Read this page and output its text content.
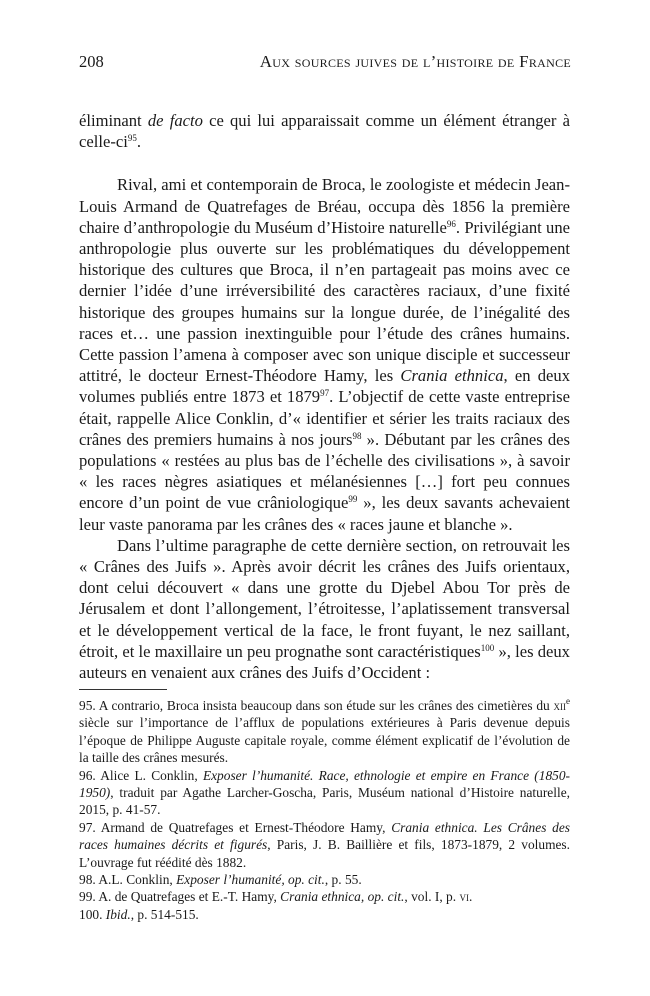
208	Aux sources juives de l’histoire de France

éliminant de facto ce qui lui apparaissait comme un élément étranger à celle-$ci^{95}$.

Rival, ami et contemporain de Broca, le zoologiste et médecin Jean-Louis Armand de Quatrefages de Bréau, occupa dès 1856 la première chaire d’anthropologie du Muséum d’Histoire naturelle$^{96}$. Privilégiant une anthropologie plus ouverte sur les problématiques du développement historique des cultures que Broca, il n’en partageait pas moins avec ce dernier l’idée d’une irréversibilité des caractères raciaux, d’une fixité historique des groupes humains sur la longue durée, de l’inégalité des races et… une passion inextinguible pour l’étude des crânes humains. Cette passion l’amena à composer avec son unique disciple et successeur attitré, le docteur Ernest-Théodore Hamy, les Crania ethnica, en deux volumes publiés entre 1873 et 1879$^{97}$. L’objectif de cette vaste entreprise était, rappelle Alice Conklin, d’« identifier et sérier les traits raciaux des crânes des premiers humains à nos jours$^{98}$ ». Débutant par les crânes des populations « restées au plus bas de l’échelle des civilisations », à savoir « les races nègres asiatiques et mélanésiennes […] fort peu connues encore d’un point de vue crâniologique$^{99}$ », les deux savants achevaient leur vaste panorama par les crânes des « races jaune et blanche ».

Dans l’ultime paragraphe de cette dernière section, on retrouvait les « Crânes des Juifs ». Après avoir décrit les crânes des Juifs orientaux, dont celui découvert « dans une grotte du Djebel Abou Tor près de Jérusalem et dont l’allongement, l’étroitesse, l’aplatissement transversal et le développement vertical de la face, le front fuyant, le nez saillant, étroit, et le maxillaire un peu prognathe sont caractéristiques$^{100}$ », les deux auteurs en venaient aux crânes des Juifs d’Occident :

95. A contrario, Broca insista beaucoup dans son étude sur les crânes des cimetières du xii$^e$ siècle sur l’importance de l’afflux de populations extérieures à Paris devenue depuis l’époque de Philippe Auguste capitale royale, comme élément explicatif de l’évolution de la taille des crânes mesurés.

96. Alice L. Conklin, Exposer l’humanité. Race, ethnologie et empire en France (1850-1950), traduit par Agathe Larcher-Goscha, Paris, Muséum national d’Histoire naturelle, 2015, p. 41-57.

97. Armand de Quatrefages et Ernest-Théodore Hamy, Crania ethnica. Les Crânes des races humaines décrits et figurés, Paris, J. B. Baillière et fils, 1873-1879, 2 volumes. L’ouvrage fut réédité dès 1882.

98. A.L. Conklin, Exposer l’humanité, op. cit., p. 55.

99. A. de Quatrefages et E.-T. Hamy, Crania ethnica, op. cit., vol. I, p. vi.

100. Ibid., p. 514-515.
